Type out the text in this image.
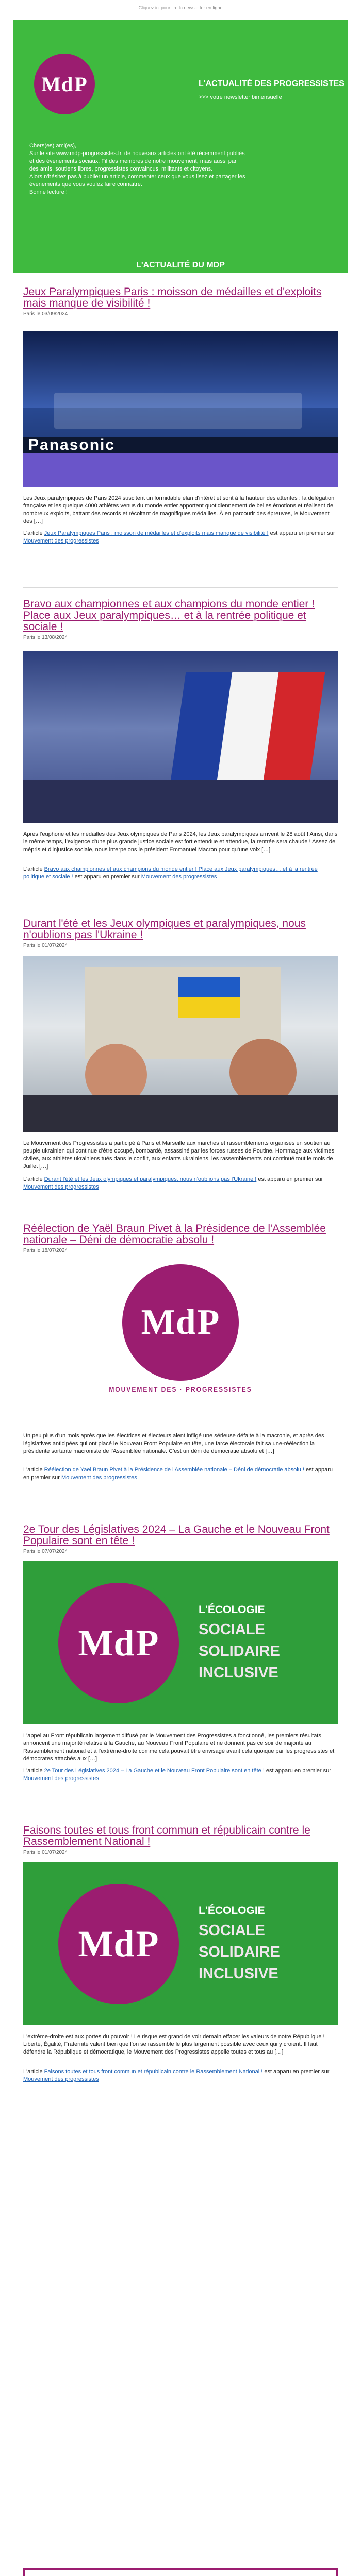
Cliquez ici pour lire la newsletter en ligne
MdP	L'ACTUALITÉ DES PROGRESSISTES
>>> votre newsletter bimensuelle

Chers(es) ami(es),

Sur le site www.mdp-progressistes.fr, de nouveaux articles ont été récemment publiés

et des événements sociaux, Fil des membres de notre mouvement, mais aussi par

des amis, soutiens libres, progressistes convaincus, militants et citoyens.

Alors n'hésitez pas à publier un article, commenter ceux que vous lisez et partager les

événements que vous voulez faire connaître.

Bonne lecture !

L'ACTUALITÉ DU MDP
Jeux Paralympiques Paris : moisson de médailles et d'exploits mais manque de visibilité !
Paris le 03/09/2024
Panasonic
Les Jeux paralympiques de Paris 2024 suscitent un formidable élan d'intérêt et sont à la hauteur des attentes : la délégation française et les quelque 4000 athlètes venus du monde entier apportent quotidiennement de belles émotions et réalisent de nombreux exploits, battant des records et récoltant de magnifiques médailles. À en parcourir des épreuves, le Mouvement des […]
L'article Jeux Paralympiques Paris : moisson de médailles et d'exploits mais manque de visibilité ! est apparu en premier sur Mouvement des progressistes
Bravo aux championnes et aux champions du monde entier ! Place aux Jeux paralympiques… et à la rentrée politique et sociale !
Paris le 13/08/2024
Après l'euphorie et les médailles des Jeux olympiques de Paris 2024, les Jeux paralympiques arrivent le 28 août ! Ainsi, dans le même temps, l'exigence d'une plus grande justice sociale est fort entendue et attendue, la rentrée sera chaude ! Assez de mépris et d'injustice sociale, nous interpelons le président Emmanuel Macron pour qu'une voix […]
L'article Bravo aux championnes et aux champions du monde entier ! Place aux Jeux paralympiques… et à la rentrée politique et sociale ! est apparu en premier sur Mouvement des progressistes
Durant l'été et les Jeux olympiques et paralympiques, nous n'oublions pas l'Ukraine !
Paris le 01/07/2024
Le Mouvement des Progressistes a participé à Paris et Marseille aux marches et rassemblements organisés en soutien au peuple ukrainien qui continue d'être occupé, bombardé, assassiné par les forces russes de Poutine. Hommage aux victimes civiles, aux athlètes ukrainiens tués dans le conflit, aux enfants ukrainiens, les rassemblements ont continué tout le mois de Juillet […]
L'article Durant l'été et les Jeux olympiques et paralympiques, nous n'oublions pas l'Ukraine ! est apparu en premier sur Mouvement des progressistes
Réélection de Yaël Braun Pivet à la Présidence de l'Assemblée nationale – Déni de démocratie absolu !
Paris le 18/07/2024
MdP
MOUVEMENT DES · PROGRESSISTES
Un peu plus d'un mois après que les électrices et électeurs aient infligé une sérieuse défaite à la macronie, et après des législatives anticipées qui ont placé le Nouveau Front Populaire en tête, une farce électorale fait sa une-réélection la présidente sortante macroniste de l'Assemblée nationale. C'est un déni de démocratie absolu et […]
L'article Réélection de Yaël Braun Pivet à la Présidence de l'Assemblée nationale – Déni de démocratie absolu ! est apparu en premier sur Mouvement des progressistes
2e Tour des Législatives 2024 – La Gauche et le Nouveau Front Populaire sont en tête !
Paris le 07/07/2024
MdP
L'ÉCOLOGIE
SOCIALE
SOLIDAIRE
INCLUSIVE
L'appel au Front républicain largement diffusé par le Mouvement des Progressistes a fonctionné, les premiers résultats annoncent une majorité relative à la Gauche, au Nouveau Front Populaire et ne donnent pas ce soir de majorité au Rassemblement national et à l'extrême-droite comme cela pouvait être envisagé avant cela quoique par les progressistes et démocrates attachés aux […]
L'article 2e Tour des Législatives 2024 – La Gauche et le Nouveau Front Populaire sont en tête ! est apparu en premier sur Mouvement des progressistes
Faisons toutes et tous front commun et républicain contre le Rassemblement National !
Paris le 01/07/2024
MdP
L'ÉCOLOGIE
SOCIALE
SOLIDAIRE
INCLUSIVE
L'extrême-droite est aux portes du pouvoir ! Le risque est grand de voir demain effacer les valeurs de notre République ! Liberté, Égalité, Fraternité valent bien que l'on se rassemble le plus largement possible avec ceux qui y croient. Il faut défendre la République et démocratique, le Mouvement des Progressistes appelle toutes et tous au […]
L'article Faisons toutes et tous front commun et républicain contre le Rassemblement National ! est apparu en premier sur Mouvement des progressistes
